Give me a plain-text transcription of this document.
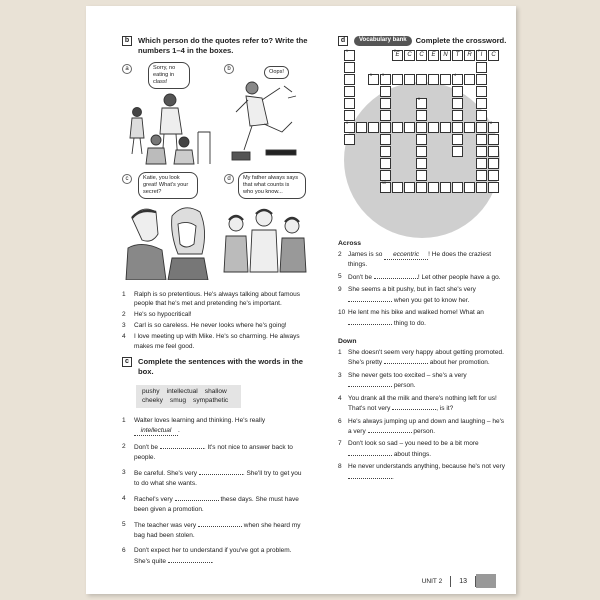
b	Which person do the quotes refer to? Write the numbers 1–4 in the boxes.
a	Sorry, no eating in class!
b	Oops!
c	Katie, you look great! What's your secret?
d	My father always says that what counts is who you know...
1	Ralph is so pretentious. He's always talking about famous people that he's met and pretending he's important.
2	He's so hypocritical!
3	Carl is so careless. He never looks where he's going!
4	I love meeting up with Mike. He's so charming. He always makes me feel good.
c	Complete the sentences with the words in the box.
pushy intellectual shallow
cheeky smug sympathetic
1	Walter loves learning and thinking. He's really intellectual .
2	Don't be	. It's not nice to answer back to people.
3	Be careful. She's very	. She'll try to get you to do what she wants.
4	Rachel's very	these days. She must have been given a promotion.
5	The teacher was very	when she heard my bag had been stolen.
6	Don't expect her to understand if you've got a problem. She's quite	.
d	Vocabulary bank	Complete the crossword.
2
E	C	C	E	N	T	R
7
I	C
1
9
5	3	4
10
6
8
Across
2 James is so eccentric ! He does the craziest things.
5 Don't be	! Let other people have a go.
9 She seems a bit pushy, but in fact she's very  when you get to know her.
10 He lent me his bike and walked home! What an  thing to do.
Down
1 She doesn't seem very happy about getting promoted. She's pretty	about her promotion.
3 She never gets too excited – she's a very  person.
4 You drank all the milk and there's nothing left for us! That's not very	, is it?
6 He's always jumping up and down and laughing – he's a very	person.
7 Don't look so sad – you need to be a bit more  about things.
8 He never understands anything, because he's not very .
UNIT 2	13
